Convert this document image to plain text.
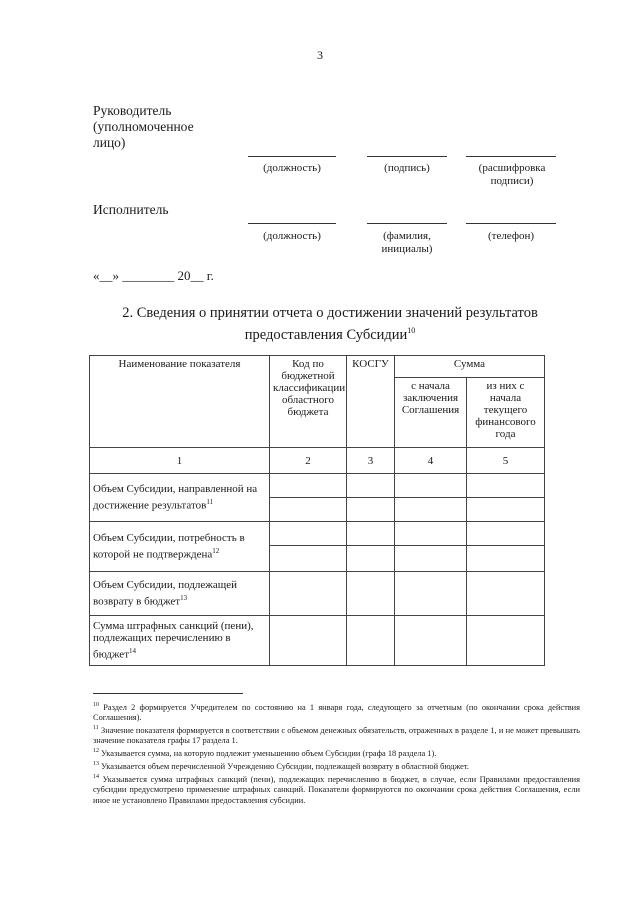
3
Руководитель (уполномоченное лицо)
(должность)	(подпись)	(расшифровка подписи)
Исполнитель
(должность)	(фамилия, инициалы)
(телефон)
«__» ________ 20__ г.
2. Сведения о принятии отчета о достижении значений результатов предоставления Субсидии$^{10}$
Наименование показателя	Код по бюджетной классификации областного бюджета	КОСГУ	Сумма	
			с начала заключения Соглашения	из них с начала текущего финансового года
1	2	3	4	5
Объем Субсидии, направленной на достижение результатов$^{11}$				

Объем Субсидии, потребность в которой не подтверждена$^{12}$				

Объем Субсидии, подлежащей возврату в бюджет$^{13}$				
Сумма штрафных санкций (пени), подлежащих перечислению в бюджет$^{14}$				

$^{10}$ Раздел 2 формируется Учредителем по состоянию на 1 января года, следующего за отчетным (по окончании срока действия Соглашения).

$^{11}$ Значение показателя формируется в соответствии с объемом денежных обязательств, отраженных в разделе 1, и не может превышать значение показателя графы 17 раздела 1.

$^{12}$ Указывается сумма, на которую подлежит уменьшению объем Субсидии (графа 18 раздела 1).

$^{13}$ Указывается объем перечисленной Учреждению Субсидии, подлежащей возврату в областной бюджет.

$^{14}$ Указывается сумма штрафных санкций (пени), подлежащих перечислению в бюджет, в случае, если Правилами предоставления субсидии предусмотрено применение штрафных санкций. Показатели формируются по окончании срока действия Соглашения, если иное не установлено Правилами предоставления субсидии.
